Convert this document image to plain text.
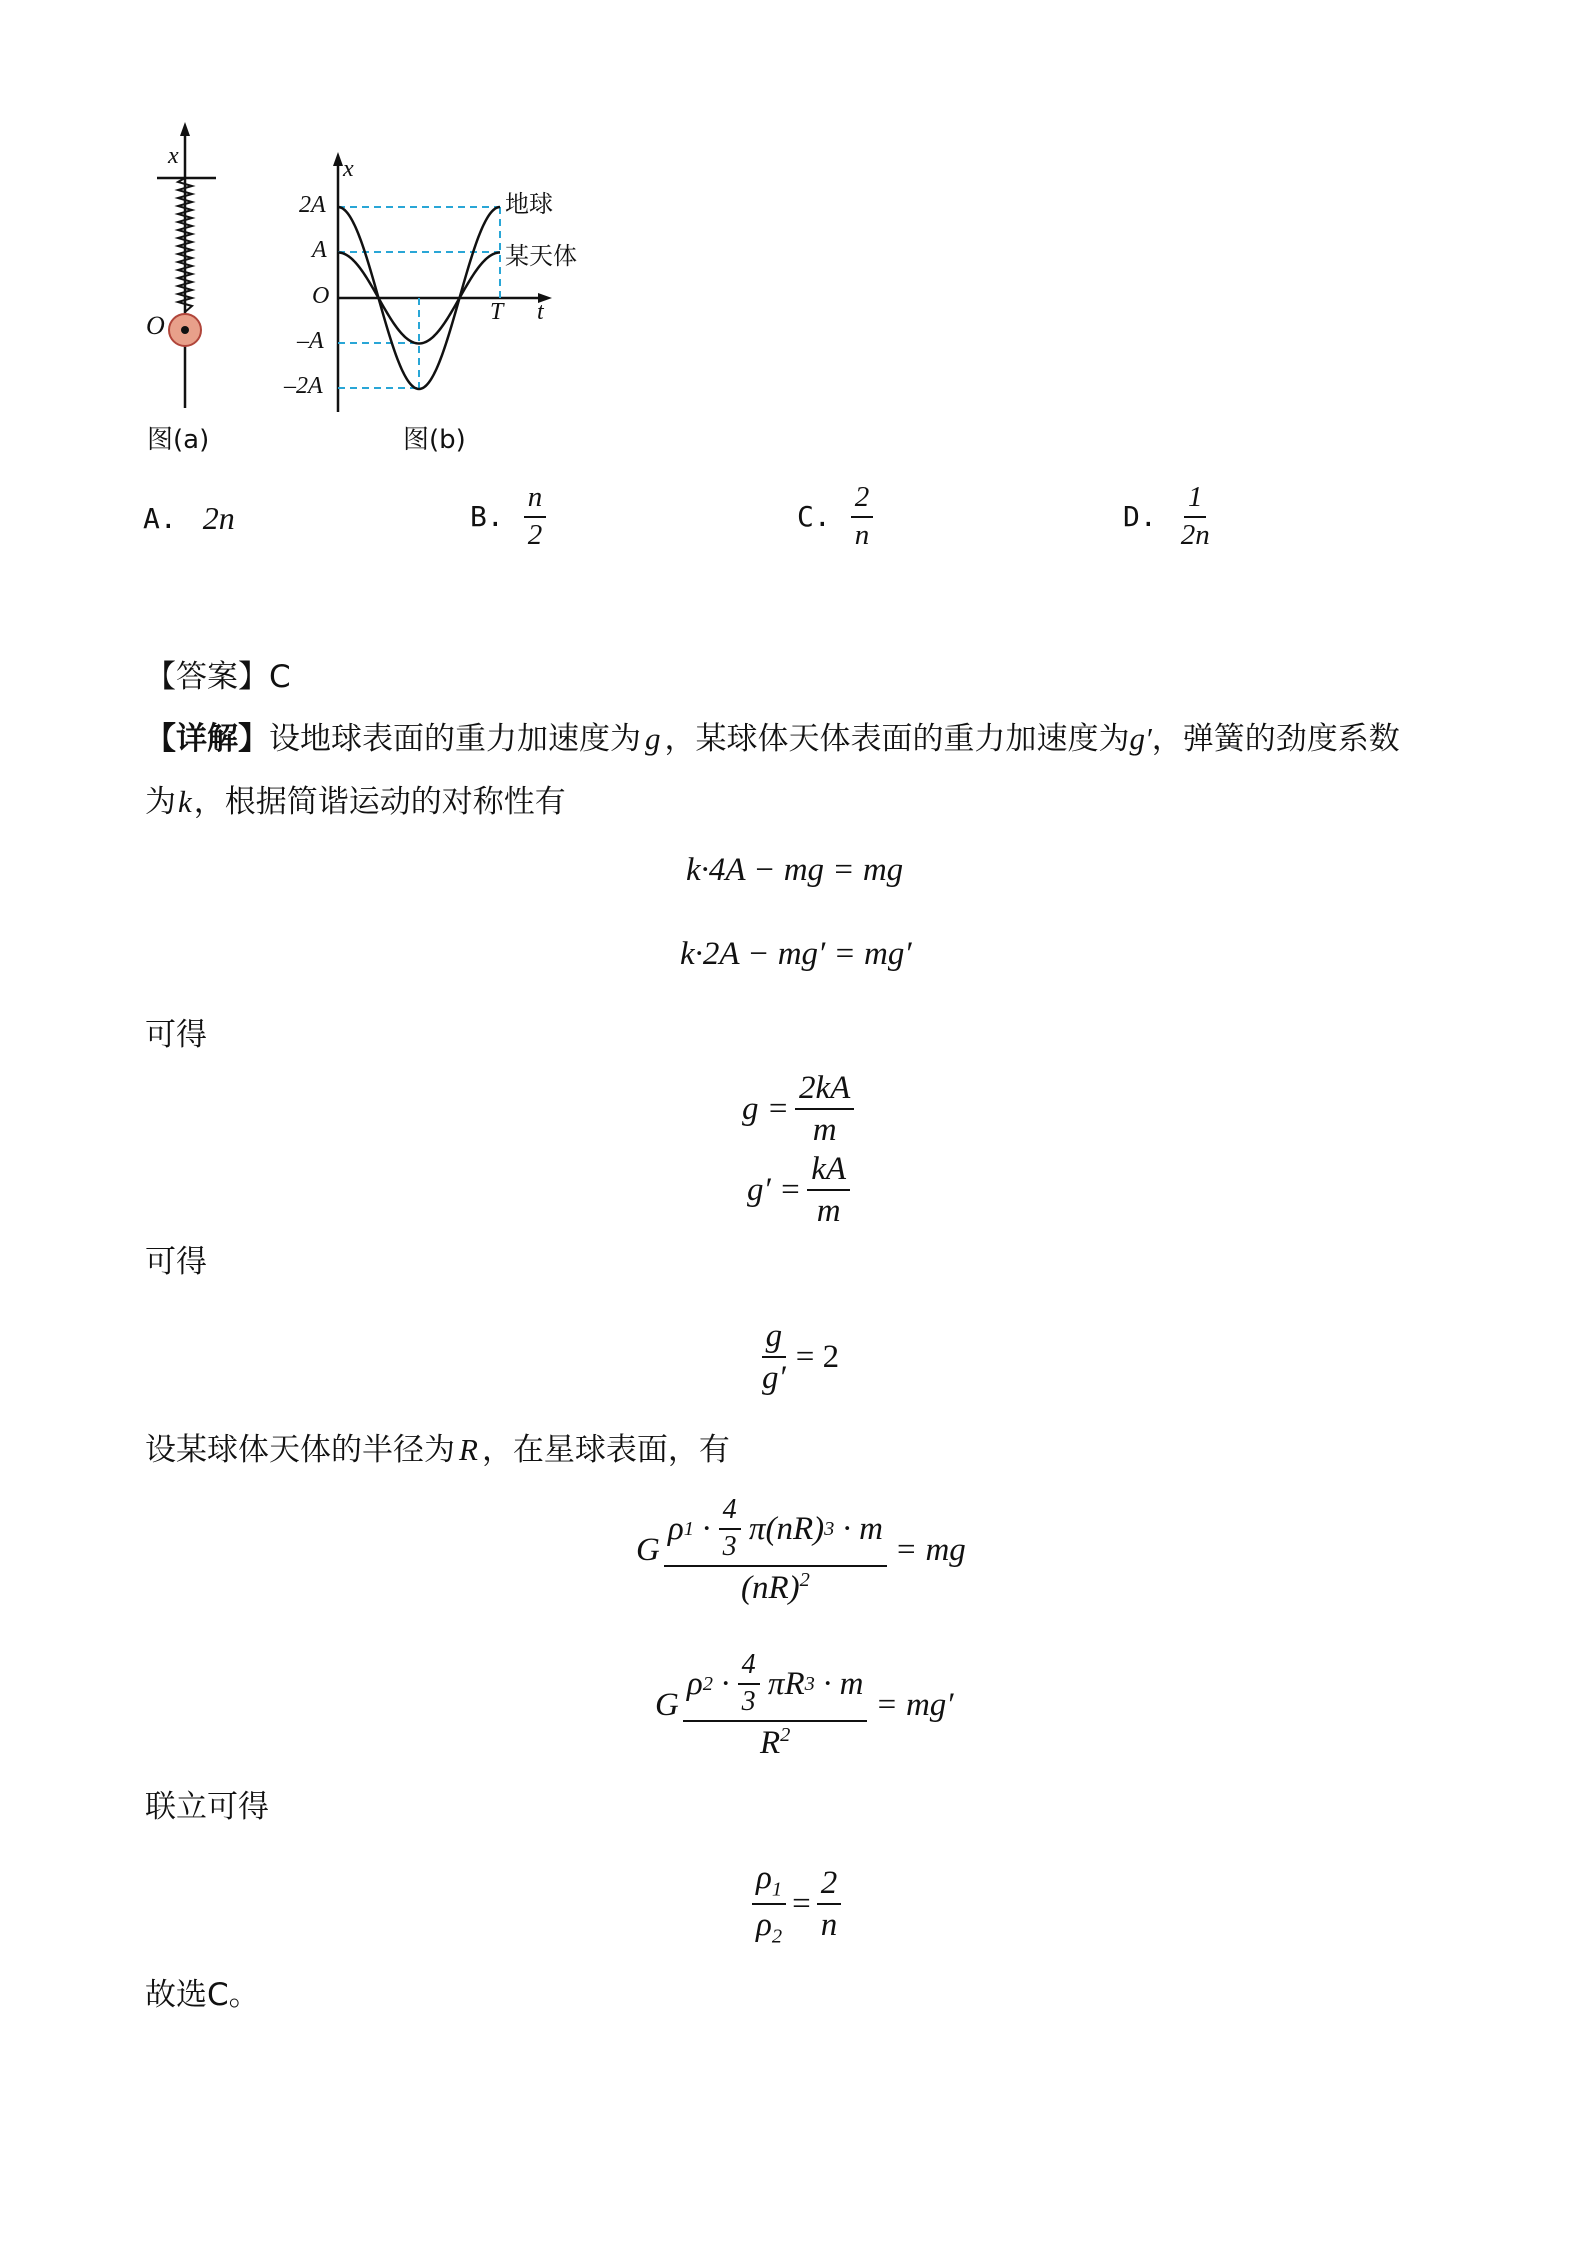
x
O
图(a)
x
2A
A
O
–A
–2A
T t
地球
某天体
图(b)
A. 2n	B. $\frac{n}{2}$	C. $\frac{2}{n}$	D. $\frac{1}{2n}$
【答案】C
【详解】设地球表面的重力加速度为 g ，某球体天体表面的重力加速度为g′，弹簧的劲度系数
为k，根据简谐运动的对称性有
k·4A − mg = mg
k·2A − mg′ = mg′
可得
$g = \frac{2kA}{m}$
$g' = \frac{kA}{m}$
可得
$\frac{g}{g'} = 2$
设某球体天体的半径为 R ，在星球表面，有
G $\frac{\rho 1 \cdot \frac{4}{3} \pi( nR ) 3 \cdot m}{(nR)^2}$ = mg
G $\frac{\rho 2 \cdot \frac{4}{3} \pi R 3 \cdot m}{R^2} = mg'$
联立可得
$\frac{\rho_1}{\rho_2} = \frac{2}{n}$
故选C。
